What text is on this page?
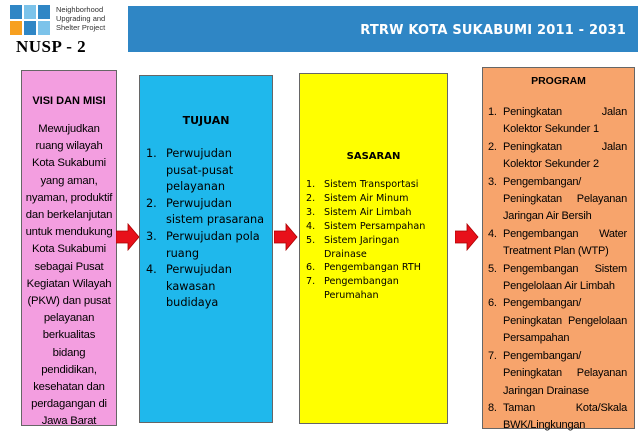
RTRW KOTA SUKABUMI 2011 - 2031
Neighborhood
Upgrading and
Shelter Project
NUSP - 2
VISI DAN MISI
Mewujudkan ruang wilayah Kota Sukabumi yang aman, nyaman, produktif dan berkelanjutan untuk mendukung Kota Sukabumi sebagai Pusat Kegiatan Wilayah (PKW) dan pusat pelayanan berkualitas bidang pendidikan, kesehatan dan perdagangan di Jawa Barat
TUJUAN
1. Perwujudan pusat-pusat pelayanan
2. Perwujudan sistem prasarana
3. Perwujudan pola ruang
4. Perwujudan kawasan budidaya
SASARAN
1. Sistem Transportasi
2. Sistem Air Minum
3. Sistem Air Limbah
4. Sistem Persampahan
5. Sistem Jaringan Drainase
6. Pengembangan RTH
7. Pengembangan Perumahan
PROGRAM
1. Peningkatan Jalan Kolektor Sekunder 1
2. Peningkatan Jalan Kolektor Sekunder 2
3. Pengembangan/ Peningkatan Pelayanan Jaringan Air Bersih
4. Pengembangan Water Treatment Plan (WTP)
5. Pengembangan Sistem Pengelolaan Air Limbah
6. Pengembangan/ Peningkatan Pengelolaan Persampahan
7. Pengembangan/ Peningkatan Pelayanan Jaringan Drainase
8. Taman Kota/Skala BWK/Lingkungan
